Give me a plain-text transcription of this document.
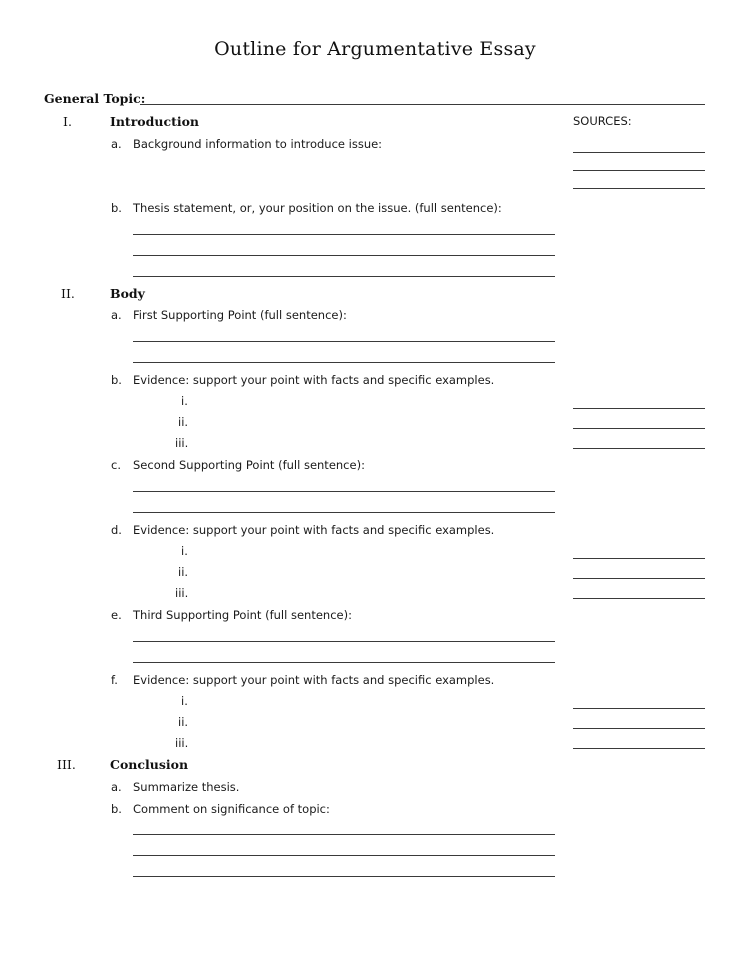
Outline for Argumentative Essay
General Topic:
I.	Introduction
a. Background information to introduce issue:
b. Thesis statement, or, your position on the issue. (full sentence):
II.	Body
a. First Supporting Point (full sentence):
b. Evidence: support your point with facts and specific examples.
i.
ii.
iii.
c. Second Supporting Point (full sentence):
d. Evidence: support your point with facts and specific examples.
i.
ii.
iii.
e. Third Supporting Point (full sentence):
f. Evidence: support your point with facts and specific examples.
i.
ii.
iii.
III.	Conclusion
a. Summarize thesis.
b. Comment on significance of topic:
SOURCES:
